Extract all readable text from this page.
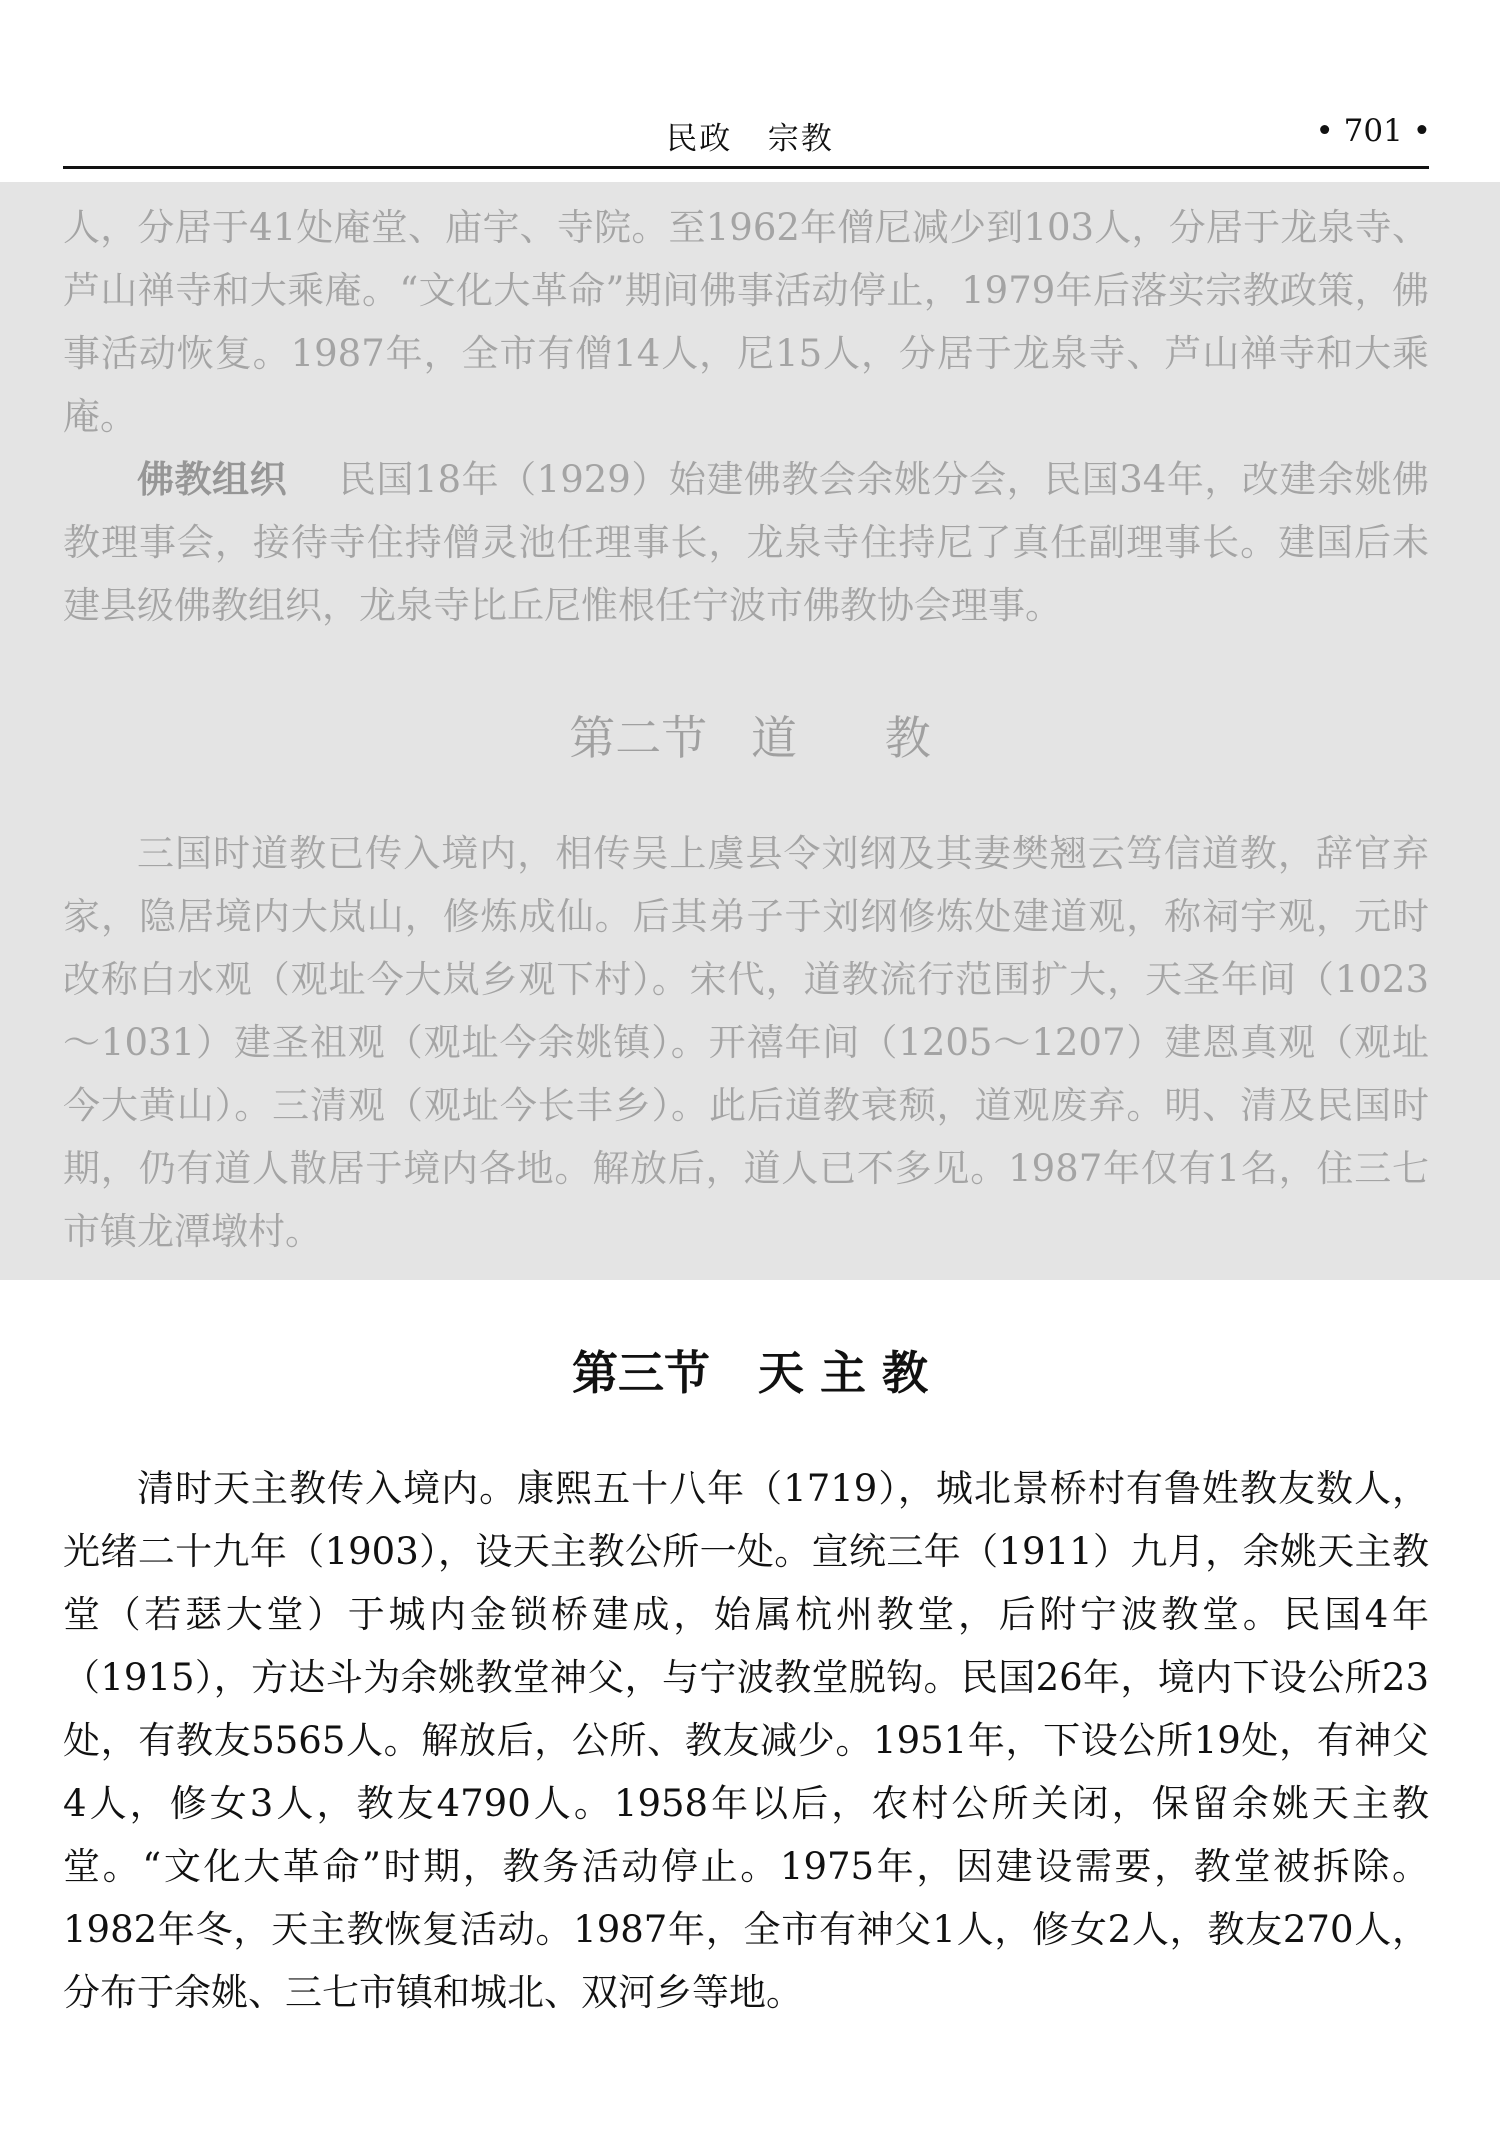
民政   宗教	• 701 •

人，分居于41处庵堂、庙宇、寺院。至1962年僧尼减少到103人，分居于龙泉寺、芦山禅寺和大乘庵。“文化大革命”期间佛事活动停止，1979年后落实宗教政策，佛事活动恢复。1987年，全市有僧14人，尼15人，分居于龙泉寺、芦山禅寺和大乘庵。

佛教组织 民国18年（1929）始建佛教会余姚分会，民国34年，改建余姚佛教理事会，接待寺住持僧灵池任理事长，龙泉寺住持尼了真任副理事长。建国后未建县级佛教组织，龙泉寺比丘尼惟根任宁波市佛教协会理事。

第二节   道      教

三国时道教已传入境内，相传吴上虞县令刘纲及其妻樊翘云笃信道教，辞官弃家，隐居境内大岚山，修炼成仙。后其弟子于刘纲修炼处建道观，称祠宇观，元时改称白水观（观址今大岚乡观下村）。宋代，道教流行范围扩大，天圣年间（1023～1031）建圣祖观（观址今余姚镇）。开禧年间（1205～1207）建恩真观（观址今大黄山）。三清观（观址今长丰乡）。此后道教衰颓，道观废弃。明、清及民国时期，仍有道人散居于境内各地。解放后，道人已不多见。1987年仅有1名，住三七市镇龙潭墩村。

第三节   天 主 教

清时天主教传入境内。康熙五十八年（1719），城北景桥村有鲁姓教友数人，光绪二十九年（1903），设天主教公所一处。宣统三年（1911）九月，余姚天主教堂（若瑟大堂）于城内金锁桥建成，始属杭州教堂，后附宁波教堂。民国4年（1915），方达斗为余姚教堂神父，与宁波教堂脱钩。民国26年，境内下设公所23处，有教友5565人。解放后，公所、教友减少。1951年，下设公所19处，有神父4人，修女3人，教友4790人。1958年以后，农村公所关闭，保留余姚天主教堂。“文化大革命”时期，教务活动停止。1975年，因建设需要，教堂被拆除。1982年冬，天主教恢复活动。1987年，全市有神父1人，修女2人，教友270人，分布于余姚、三七市镇和城北、双河乡等地。
